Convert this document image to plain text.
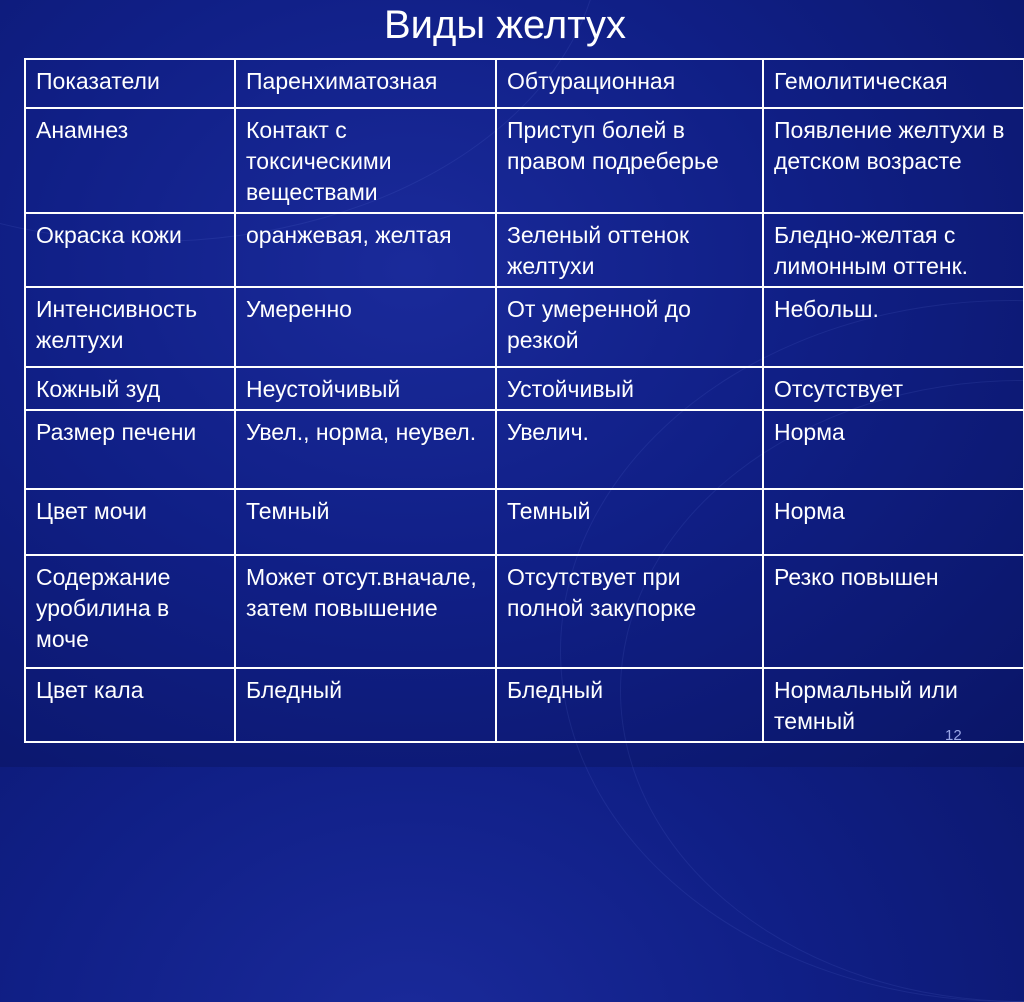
Виды желтух
Показатели	Паренхиматозная	Обтурационная	Гемолитическая
Анамнез	Контакт с токсическими веществами	Приступ болей в правом подреберье	Появление желтухи в детском возрасте
Окраска кожи	оранжевая, желтая	Зеленый оттенок желтухи	Бледно-желтая с лимонным оттенк.
Интенсивность желтухи	Умеренно	От умеренной до резкой	Небольш.
Кожный зуд	Неустойчивый	Устойчивый	Отсутствует
Размер печени	Увел., норма, неувел.	Увелич.	Норма
Цвет мочи	Темный	Темный	Норма
Содержание уробилина в моче	Может отсут.вначале, затем повышение	Отсутствует при полной закупорке	Резко повышен
Цвет кала	Бледный	Бледный	Нормальный или темный
12
